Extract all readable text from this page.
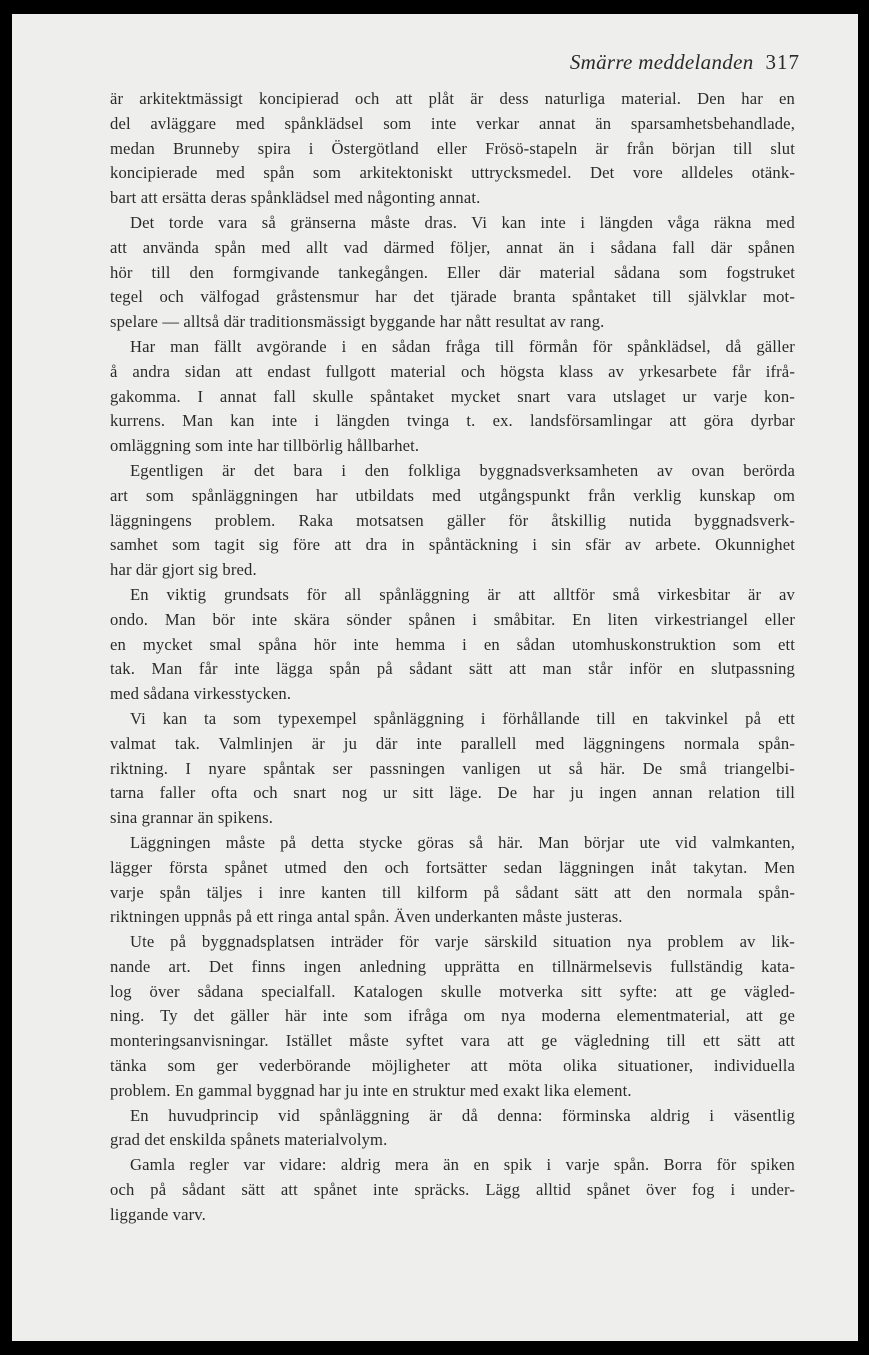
Smärre meddelanden 317
är arkitektmässigt koncipierad och att plåt är dess naturliga material. Den har en
del avläggare med spånklädsel som inte verkar annat än sparsamhetsbehandlade,
medan Brunneby spira i Östergötland eller Frösö-stapeln är från början till slut
koncipierade med spån som arkitektoniskt uttrycksmedel. Det vore alldeles otänk-
bart att ersätta deras spånklädsel med någonting annat.
Det torde vara så gränserna måste dras. Vi kan inte i längden våga räkna med
att använda spån med allt vad därmed följer, annat än i sådana fall där spånen
hör till den formgivande tankegången. Eller där material sådana som fogstruket
tegel och välfogad gråstensmur har det tjärade branta spåntaket till självklar mot-
spelare — alltså där traditionsmässigt byggande har nått resultat av rang.
Har man fällt avgörande i en sådan fråga till förmån för spånklädsel, då gäller
å andra sidan att endast fullgott material och högsta klass av yrkesarbete får ifrå-
gakomma. I annat fall skulle spåntaket mycket snart vara utslaget ur varje kon-
kurrens. Man kan inte i längden tvinga t. ex. landsförsamlingar att göra dyrbar
omläggning som inte har tillbörlig hållbarhet.
Egentligen är det bara i den folkliga byggnadsverksamheten av ovan berörda
art som spånläggningen har utbildats med utgångspunkt från verklig kunskap om
läggningens problem. Raka motsatsen gäller för åtskillig nutida byggnadsverk-
samhet som tagit sig före att dra in spåntäckning i sin sfär av arbete. Okunnighet
har där gjort sig bred.
En viktig grundsats för all spånläggning är att alltför små virkesbitar är av
ondo. Man bör inte skära sönder spånen i småbitar. En liten virkestriangel eller
en mycket smal spåna hör inte hemma i en sådan utomhuskonstruktion som ett
tak. Man får inte lägga spån på sådant sätt att man står inför en slutpassning
med sådana virkesstycken.
Vi kan ta som typexempel spånläggning i förhållande till en takvinkel på ett
valmat tak. Valmlinjen är ju där inte parallell med läggningens normala spån-
riktning. I nyare spåntak ser passningen vanligen ut så här. De små triangelbi-
tarna faller ofta och snart nog ur sitt läge. De har ju ingen annan relation till
sina grannar än spikens.
Läggningen måste på detta stycke göras så här. Man börjar ute vid valmkanten,
lägger första spånet utmed den och fortsätter sedan läggningen inåt takytan. Men
varje spån täljes i inre kanten till kilform på sådant sätt att den normala spån-
riktningen uppnås på ett ringa antal spån. Även underkanten måste justeras.
Ute på byggnadsplatsen inträder för varje särskild situation nya problem av lik-
nande art. Det finns ingen anledning upprätta en tillnärmelsevis fullständig kata-
log över sådana specialfall. Katalogen skulle motverka sitt syfte: att ge vägled-
ning. Ty det gäller här inte som ifråga om nya moderna elementmaterial, att ge
monteringsanvisningar. Istället måste syftet vara att ge vägledning till ett sätt att
tänka som ger vederbörande möjligheter att möta olika situationer, individuella
problem. En gammal byggnad har ju inte en struktur med exakt lika element.
En huvudprincip vid spånläggning är då denna: förminska aldrig i väsentlig
grad det enskilda spånets materialvolym.
Gamla regler var vidare: aldrig mera än en spik i varje spån. Borra för spiken
och på sådant sätt att spånet inte spräcks. Lägg alltid spånet över fog i under-
liggande varv.
